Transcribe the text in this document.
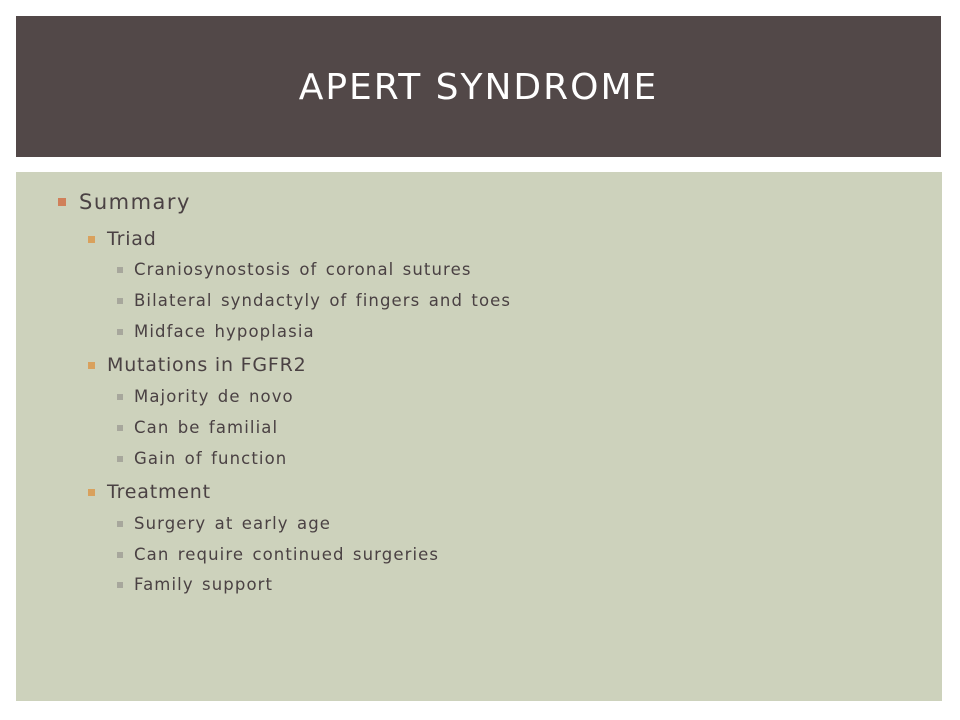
APERT SYNDROME
Summary
Triad
Craniosynostosis of coronal sutures
Bilateral syndactyly of fingers and toes
Midface hypoplasia
Mutations in FGFR2
Majority de novo
Can be familial
Gain of function
Treatment
Surgery at early age
Can require continued surgeries
Family support
